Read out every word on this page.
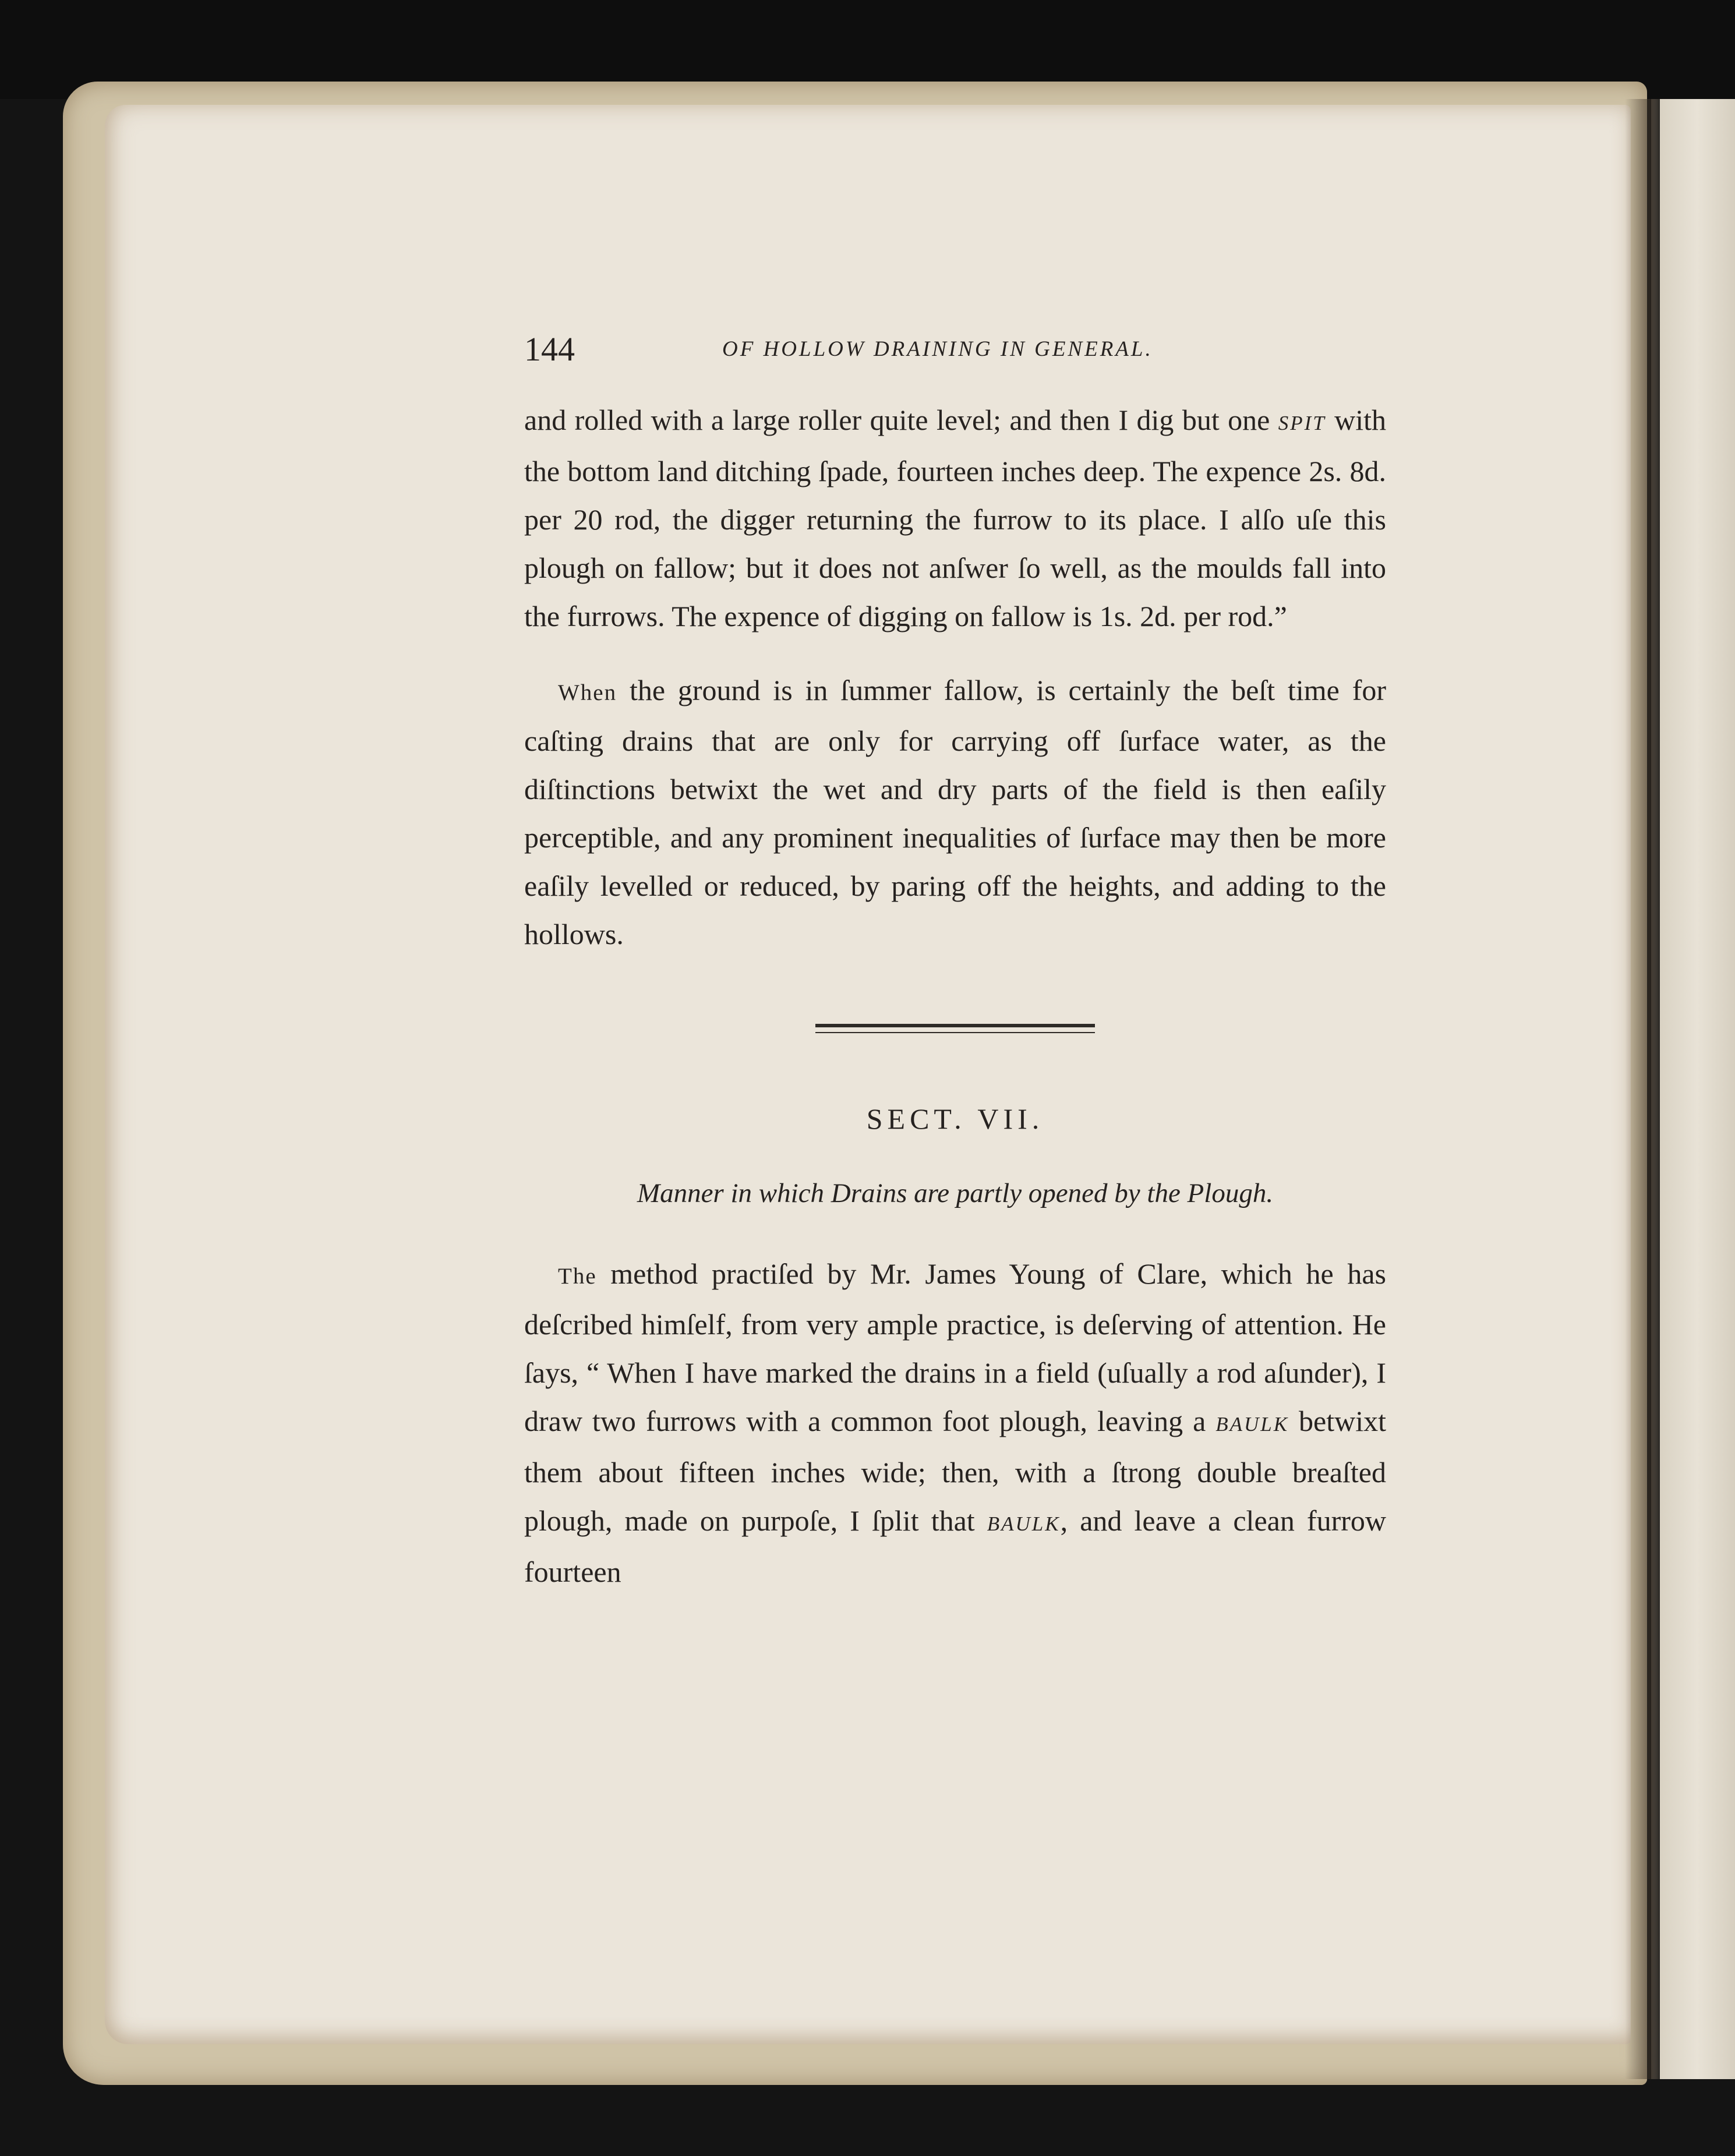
144	OF HOLLOW DRAINING IN GENERAL.

and rolled with a large roller quite level; and then I dig but one SPIT with the bottom land ditching ſpade, fourteen inches deep. The expence 2s. 8d. per 20 rod, the digger returning the furrow to its place. I alſo uſe this plough on fallow; but it does not anſwer ſo well, as the moulds fall into the furrows. The expence of digging on fallow is 1s. 2d. per rod.”

When the ground is in ſummer fallow, is certainly the beſt time for caſting drains that are only for carrying off ſurface water, as the diſtinctions betwixt the wet and dry parts of the field is then eaſily perceptible, and any prominent inequalities of ſurface may then be more eaſily levelled or reduced, by paring off the heights, and adding to the hollows.

SECT. VII.
Manner in which Drains are partly opened by the Plough.

The method practiſed by Mr. James Young of Clare, which he has deſcribed himſelf, from very ample practice, is deſerving of attention. He ſays, “ When I have marked the drains in a field (uſually a rod aſunder), I draw two furrows with a common foot plough, leaving a BAULK betwixt them about fifteen inches wide; then, with a ſtrong double breaſted plough, made on purpoſe, I ſplit that BAULK, and leave a clean furrow fourteen
